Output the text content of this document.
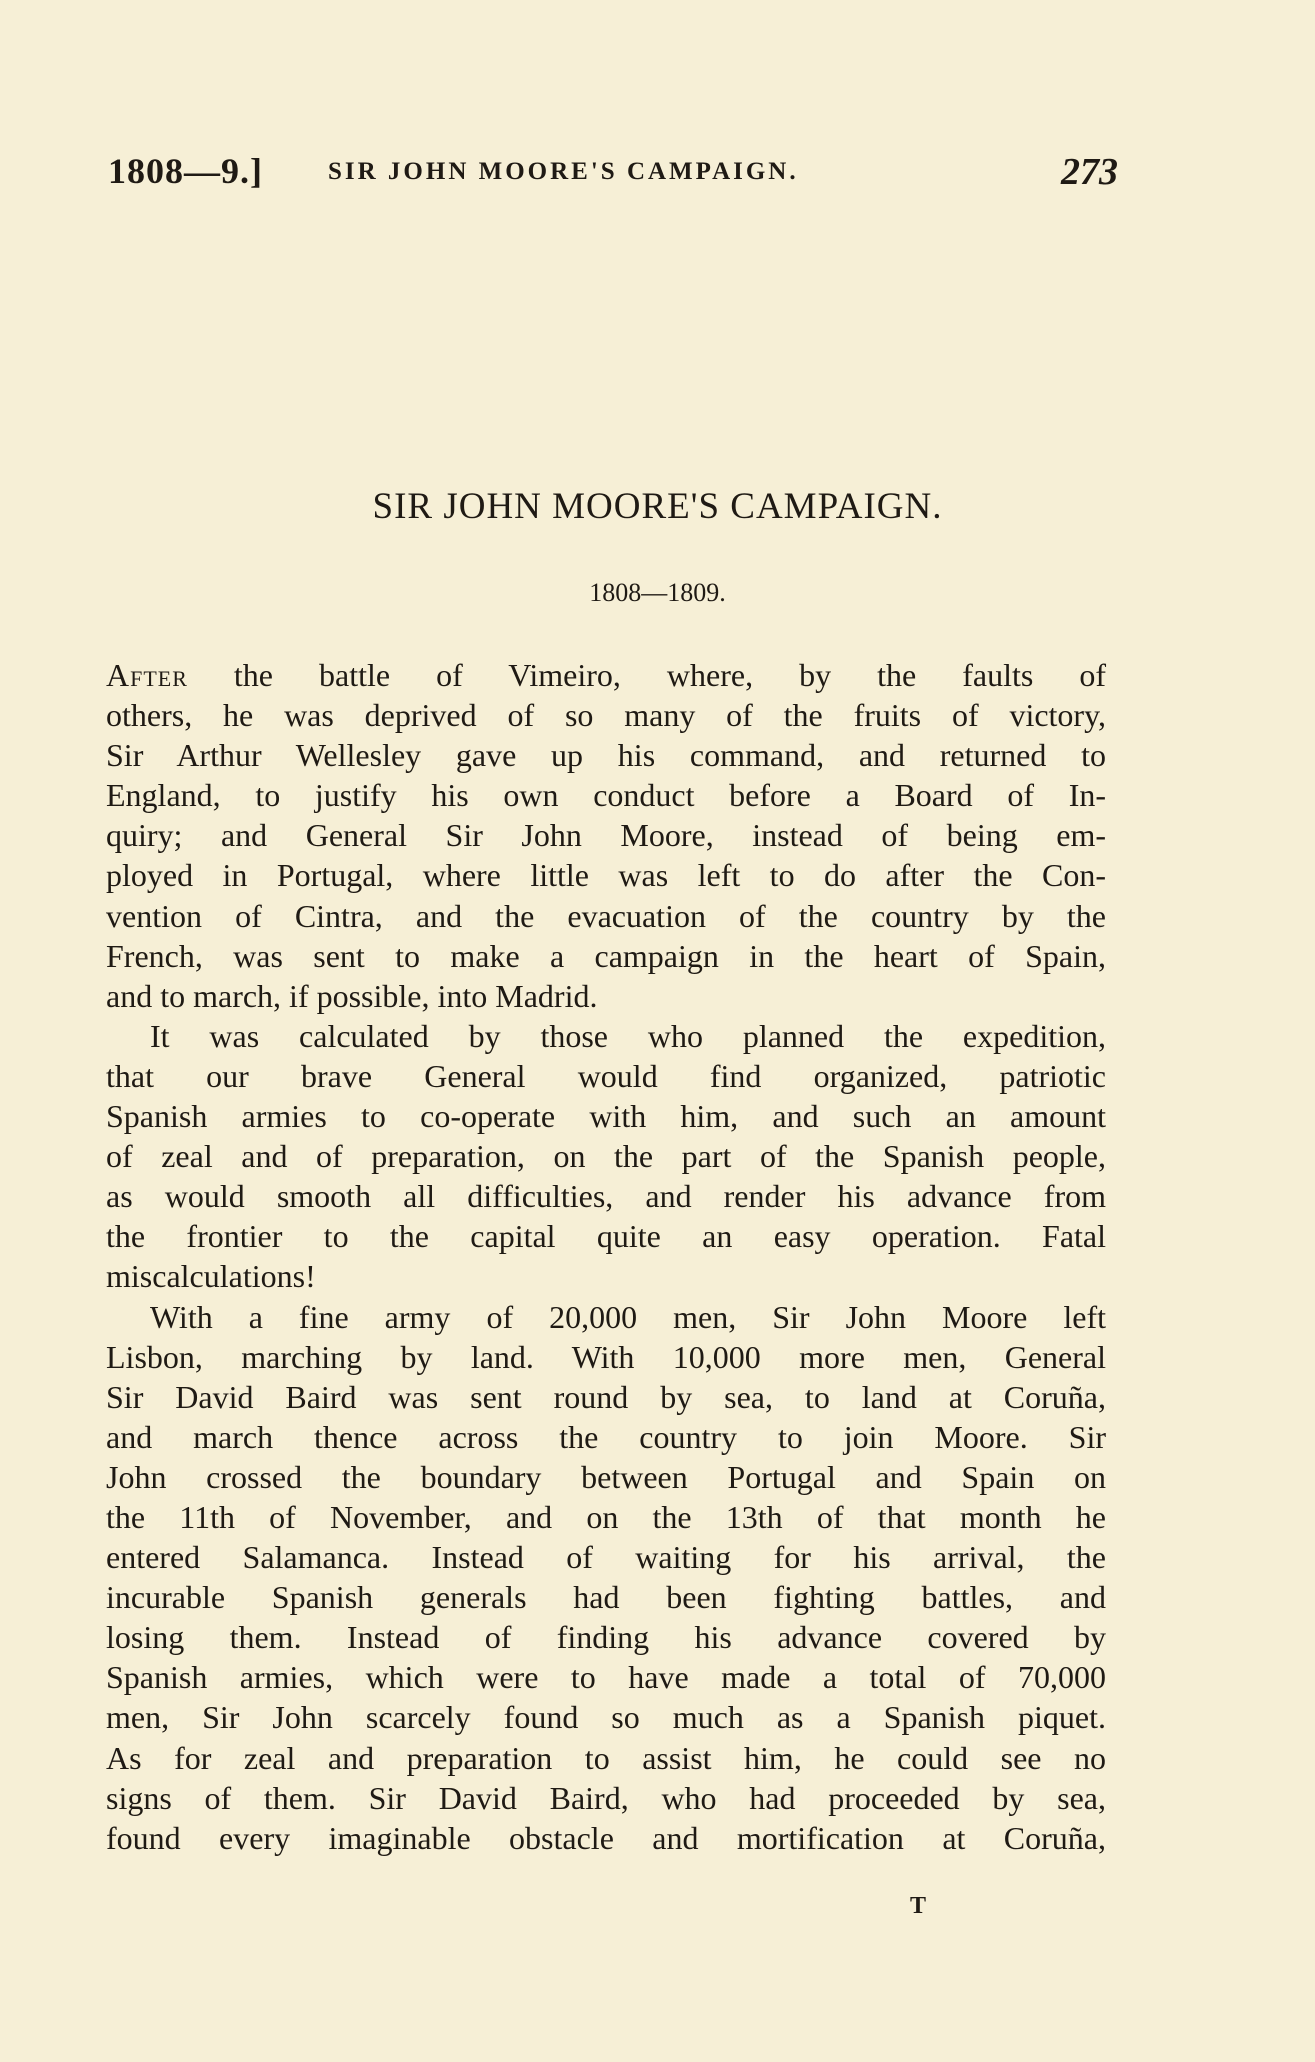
1808—9.]	SIR JOHN MOORE'S CAMPAIGN.	273
SIR JOHN MOORE'S CAMPAIGN.
1808—1809.
After the battle of Vimeiro, where, by the faults of
others, he was deprived of so many of the fruits of victory,
Sir Arthur Wellesley gave up his command, and returned to
England, to justify his own conduct before a Board of In-
quiry; and General Sir John Moore, instead of being em-
ployed in Portugal, where little was left to do after the Con-
vention of Cintra, and the evacuation of the country by the
French, was sent to make a campaign in the heart of Spain,
and to march, if possible, into Madrid.
It was calculated by those who planned the expedition,
that our brave General would find organized, patriotic
Spanish armies to co-operate with him, and such an amount
of zeal and of preparation, on the part of the Spanish people,
as would smooth all difficulties, and render his advance from
the frontier to the capital quite an easy operation. Fatal
miscalculations!
With a fine army of 20,000 men, Sir John Moore left
Lisbon, marching by land. With 10,000 more men, General
Sir David Baird was sent round by sea, to land at Coruña,
and march thence across the country to join Moore. Sir
John crossed the boundary between Portugal and Spain on
the 11th of November, and on the 13th of that month he
entered Salamanca. Instead of waiting for his arrival, the
incurable Spanish generals had been fighting battles, and
losing them. Instead of finding his advance covered by
Spanish armies, which were to have made a total of 70,000
men, Sir John scarcely found so much as a Spanish piquet.
As for zeal and preparation to assist him, he could see no
signs of them. Sir David Baird, who had proceeded by sea,
found every imaginable obstacle and mortification at Coruña,
T
